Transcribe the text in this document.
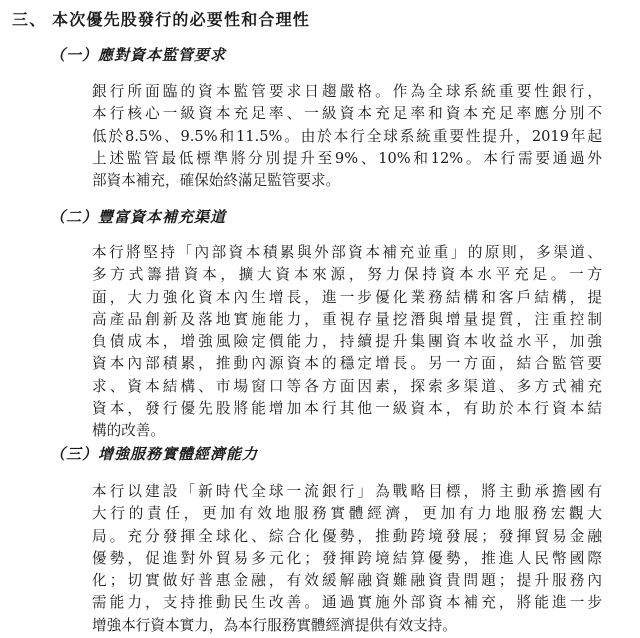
三、 本次優先股發行的必要性和合理性
（一）應對資本監管要求

銀行所面臨的資本監管要求日趨嚴格。作為全球系統重要性銀行，
本行核心一級資本充足率、一級資本充足率和資本充足率應分別不
低於8.5%、9.5%和11.5%。由於本行全球系統重要性提升，2019年起
上述監管最低標準將分別提升至9%、10%和12%。本行需要通過外
部資本補充，確保始終滿足監管要求。

（二）豐富資本補充渠道

本行將堅持「內部資本積累與外部資本補充並重」的原則，多渠道、
多方式籌措資本，擴大資本來源，努力保持資本水平充足。一方
面，大力強化資本內生增長，進一步優化業務結構和客戶結構，提
高產品創新及落地實施能力，重視存量挖潛與增量提質，注重控制
負債成本，增強風險定價能力，持續提升集團資本收益水平，加強
資本內部積累，推動內源資本的穩定增長。另一方面，結合監管要
求、資本結構、市場窗口等各方面因素，探索多渠道、多方式補充
資本，發行優先股將能增加本行其他一級資本，有助於本行資本結
構的改善。

（三）增強服務實體經濟能力

本行以建設「新時代全球一流銀行」為戰略目標，將主動承擔國有
大行的責任，更加有效地服務實體經濟，更加有力地服務宏觀大
局。充分發揮全球化、綜合化優勢，推動跨境發展；發揮貿易金融
優勢，促進對外貿易多元化；發揮跨境結算優勢，推進人民幣國際
化；切實做好普惠金融，有效緩解融資難融資貴問題；提升服務內
需能力，支持推動民生改善。通過實施外部資本補充，將能進一步
增強本行資本實力，為本行服務實體經濟提供有效支持。
